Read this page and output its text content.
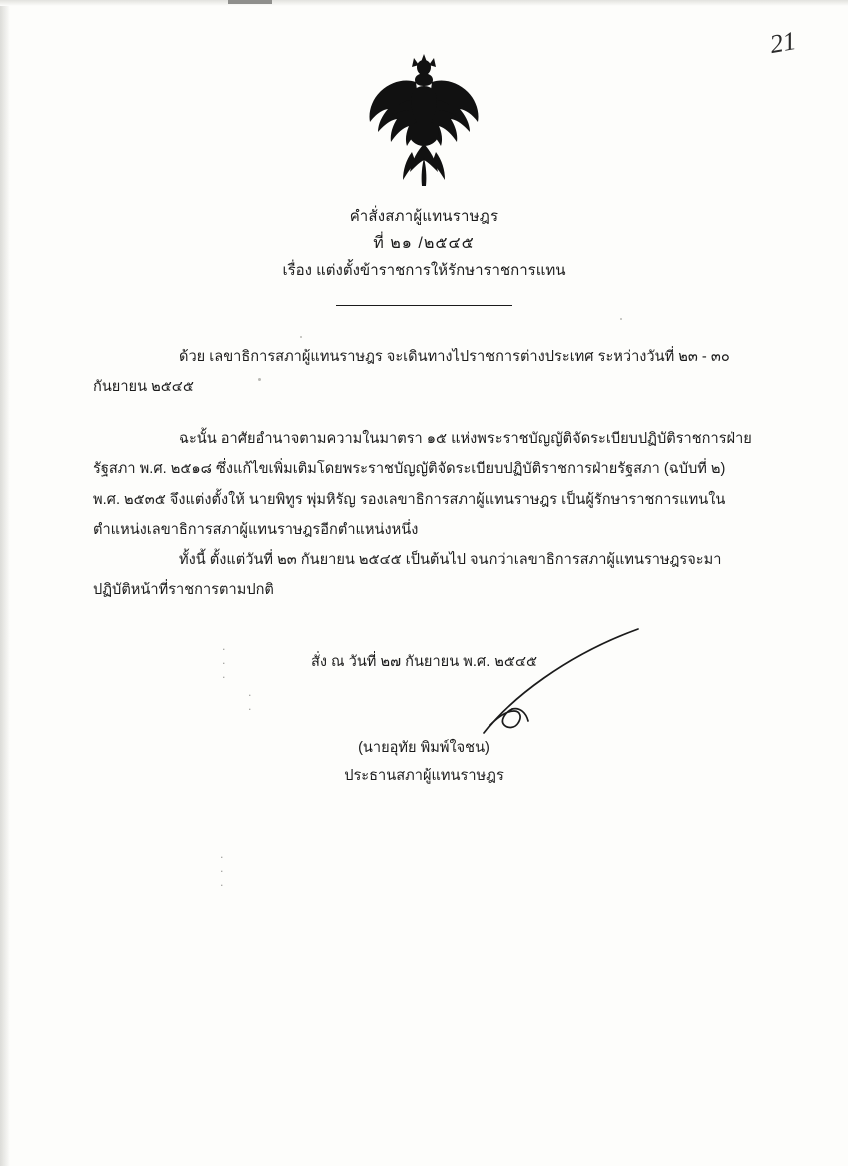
21
คำสั่งสภาผู้แทนราษฎร
ที่ ๒๑ /๒๕๔๕
เรื่อง แต่งตั้งข้าราชการให้รักษาราชการแทน
ด้วย เลขาธิการสภาผู้แทนราษฎร จะเดินทางไปราชการต่างประเทศ ระหว่างวันที่ ๒๓ - ๓๐ กันยายน ๒๕๔๕
ฉะนั้น อาศัยอำนาจตามความในมาตรา ๑๕ แห่งพระราชบัญญัติจัดระเบียบปฏิบัติราชการฝ่ายรัฐสภา พ.ศ. ๒๕๑๘ ซึ่งแก้ไขเพิ่มเติมโดยพระราชบัญญัติจัดระเบียบปฏิบัติราชการฝ่ายรัฐสภา (ฉบับที่ ๒) พ.ศ. ๒๕๓๕ จึงแต่งตั้งให้ นายพิทูร พุ่มหิรัญ รองเลขาธิการสภาผู้แทนราษฎร เป็นผู้รักษาราชการแทนในตำแหน่งเลขาธิการสภาผู้แทนราษฎรอีกตำแหน่งหนึ่ง
ทั้งนี้ ตั้งแต่วันที่ ๒๓ กันยายน ๒๕๔๕ เป็นต้นไป จนกว่าเลขาธิการสภาผู้แทนราษฎรจะมาปฏิบัติหน้าที่ราชการตามปกติ
สั่ง ณ วันที่ ๒๗ กันยายน พ.ศ. ๒๕๔๕
(นายอุทัย พิมพ์ใจชน)
ประธานสภาผู้แทนราษฎร
.
.
.
.
.
.
.
.
